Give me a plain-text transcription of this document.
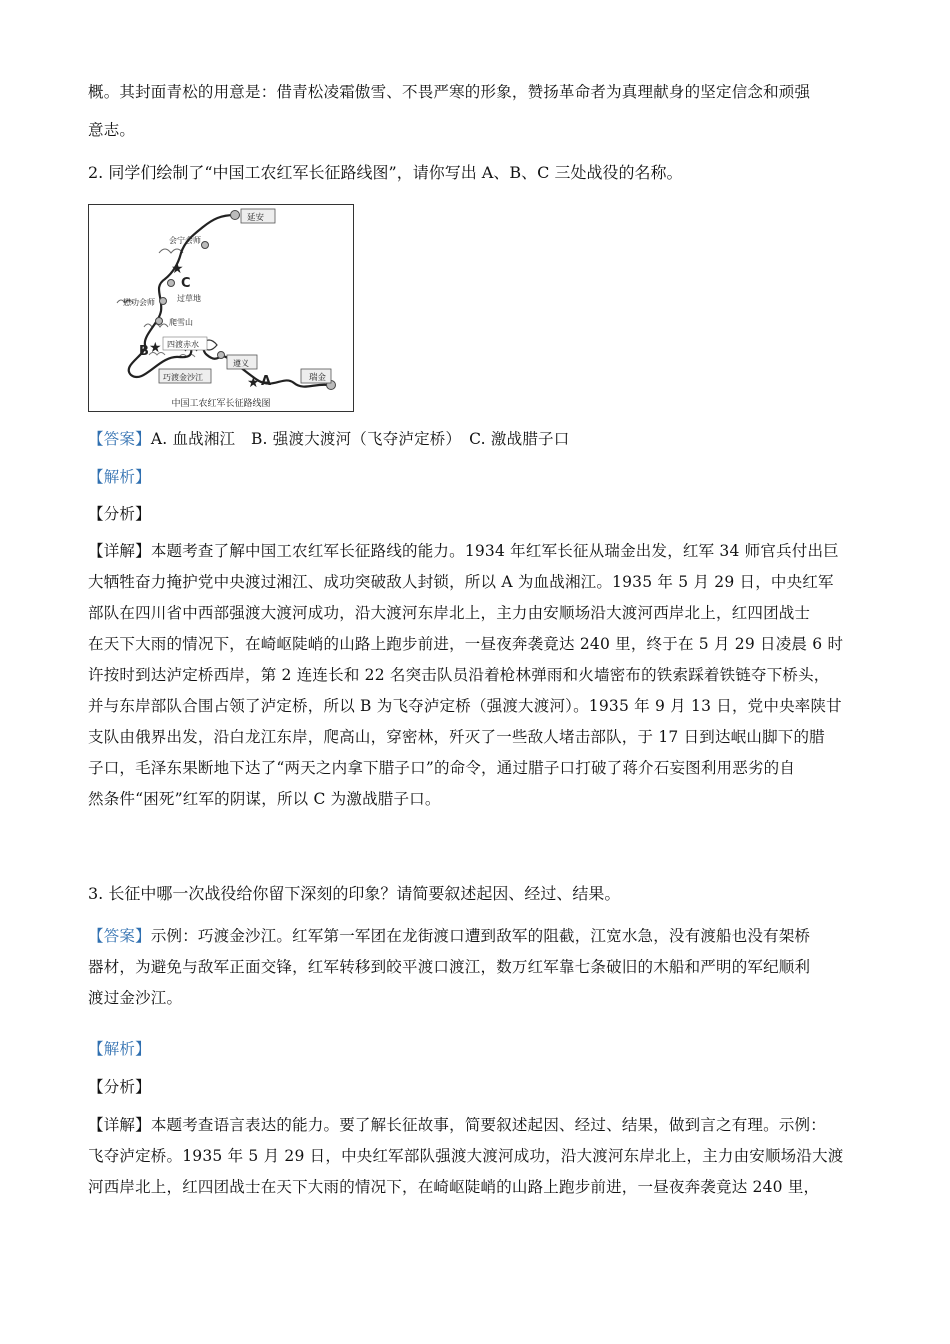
概。其封面青松的用意是：借青松凌霜傲雪、不畏严寒的形象，赞扬革命者为真理献身的坚定信念和顽强

意志。

2. 同学们绘制了“中国工农红军长征路线图”，请你写出 A、B、C 三处战役的名称。

★
★
★
延安
会宁会师
C
过草地
懋功会师
爬雪山
B 四渡赤水
遵义
巧渡金沙江	A	瑞金
中国工农红军长征路线图

【答案】A. 血战湘江　B. 强渡大渡河（飞夺泸定桥）　C. 激战腊子口

【解析】

【分析】

【详解】本题考查了解中国工农红军长征路线的能力。1934 年红军长征从瑞金出发，红军 34 师官兵付出巨

大牺牲奋力掩护党中央渡过湘江、成功突破敌人封锁，所以 A 为血战湘江。1935 年 5 月 29 日，中央红军

部队在四川省中西部强渡大渡河成功，沿大渡河东岸北上，主力由安顺场沿大渡河西岸北上，红四团战士

在天下大雨的情况下，在崎岖陡峭的山路上跑步前进，一昼夜奔袭竟达 240 里，终于在 5 月 29 日凌晨 6 时

许按时到达泸定桥西岸，第 2 连连长和 22 名突击队员沿着枪林弹雨和火墙密布的铁索踩着铁链夺下桥头，

并与东岸部队合围占领了泸定桥，所以 B 为飞夺泸定桥（强渡大渡河）。1935 年 9 月 13 日，党中央率陕甘

支队由俄界出发，沿白龙江东岸，爬高山，穿密林，歼灭了一些敌人堵击部队，于 17 日到达岷山脚下的腊

子口，毛泽东果断地下达了“两天之内拿下腊子口”的命令，通过腊子口打破了蒋介石妄图利用恶劣的自

然条件“困死”红军的阴谋，所以 C 为激战腊子口。

3. 长征中哪一次战役给你留下深刻的印象？请简要叙述起因、经过、结果。

【答案】示例：巧渡金沙江。红军第一军团在龙街渡口遭到敌军的阻截，江宽水急，没有渡船也没有架桥

器材，为避免与敌军正面交锋，红军转移到皎平渡口渡江，数万红军靠七条破旧的木船和严明的军纪顺利

渡过金沙江。

【解析】

【分析】

【详解】本题考查语言表达的能力。要了解长征故事，简要叙述起因、经过、结果，做到言之有理。示例：

飞夺泸定桥。1935 年 5 月 29 日，中央红军部队强渡大渡河成功，沿大渡河东岸北上，主力由安顺场沿大渡

河西岸北上，红四团战士在天下大雨的情况下，在崎岖陡峭的山路上跑步前进，一昼夜奔袭竟达 240 里，
